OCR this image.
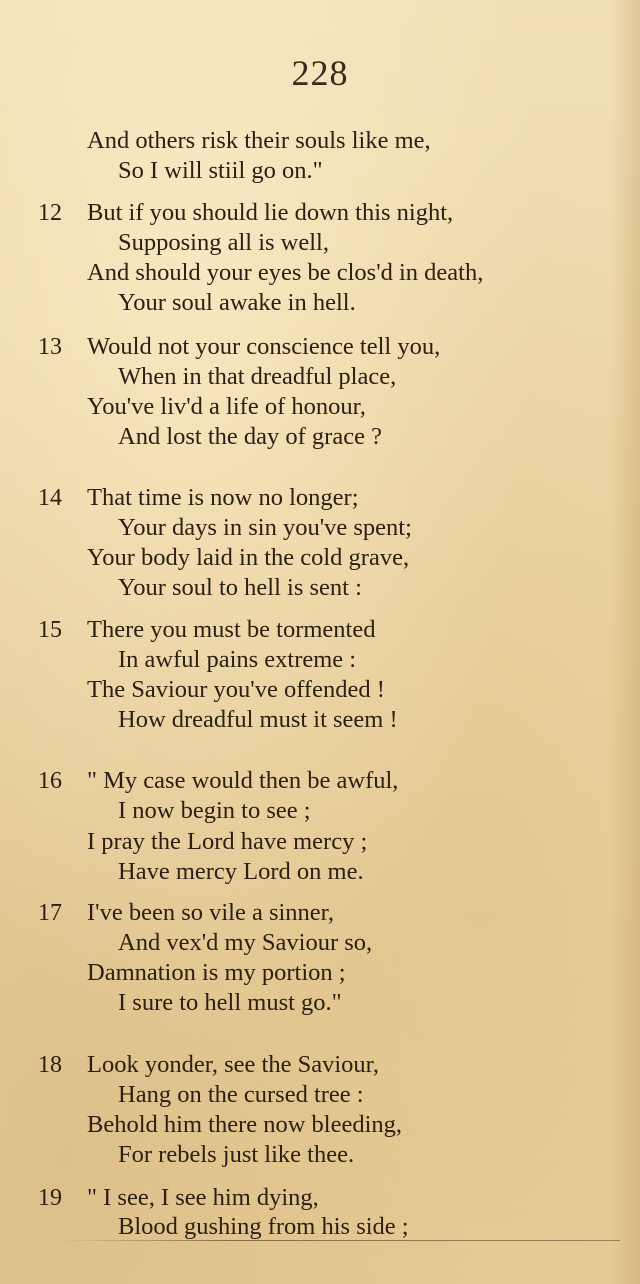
228
And others risk their souls like me,
So I will stiil go on."
12 But if you should lie down this night,
Supposing all is well,
And should your eyes be clos'd in death,
Your soul awake in hell.
13 Would not your conscience tell you,
When in that dreadful place,
You've liv'd a life of honour,
And lost the day of grace ?
14 That time is now no longer;
Your days in sin you've spent;
Your body laid in the cold grave,
Your soul to hell is sent :
15 There you must be tormented
In awful pains extreme :
The Saviour you've offended !
How dreadful must it seem !
16 " My case would then be awful,
I now begin to see ;
I pray the Lord have mercy ;
Have mercy Lord on me.
17 I've been so vile a sinner,
And vex'd my Saviour so,
Damnation is my portion ;
I sure to hell must go."
18 Look yonder, see the Saviour,
Hang on the cursed tree :
Behold him there now bleeding,
For rebels just like thee.
19 " I see, I see him dying,
Blood gushing from his side ;
